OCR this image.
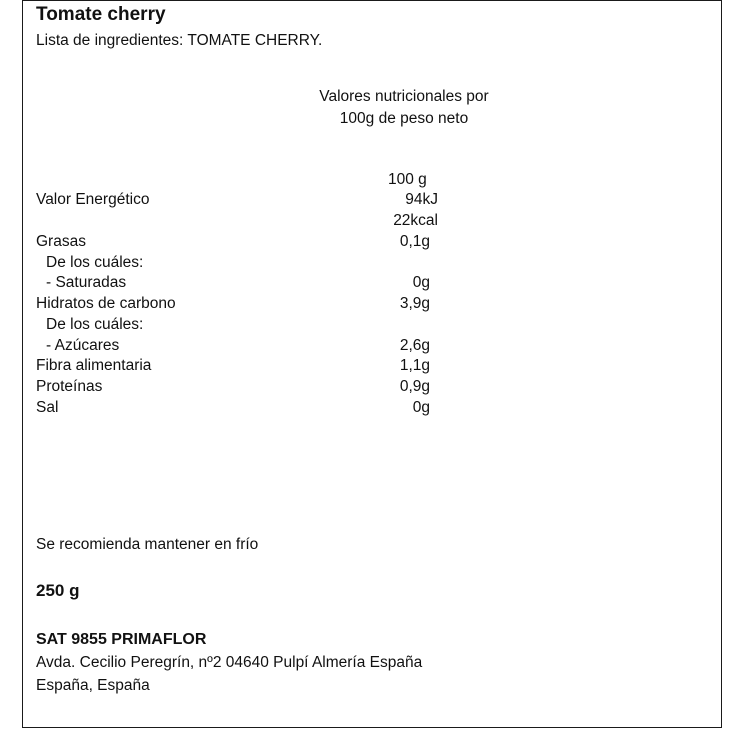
Tomate cherry
Lista de ingredientes: TOMATE CHERRY.
Valores nutricionales por
100g de peso neto
100 g
Valor Energético	94kJ
22kcal
Grasas	0,1g
De los cuáles:
- Saturadas	0g
Hidratos de carbono	3,9g
De los cuáles:
- Azúcares	2,6g
Fibra alimentaria	1,1g
Proteínas	0,9g
Sal	0g
Se recomienda mantener en frío
250 g
SAT 9855 PRIMAFLOR
Avda. Cecilio Peregrín, nº2 04640 Pulpí Almería España
España, España
